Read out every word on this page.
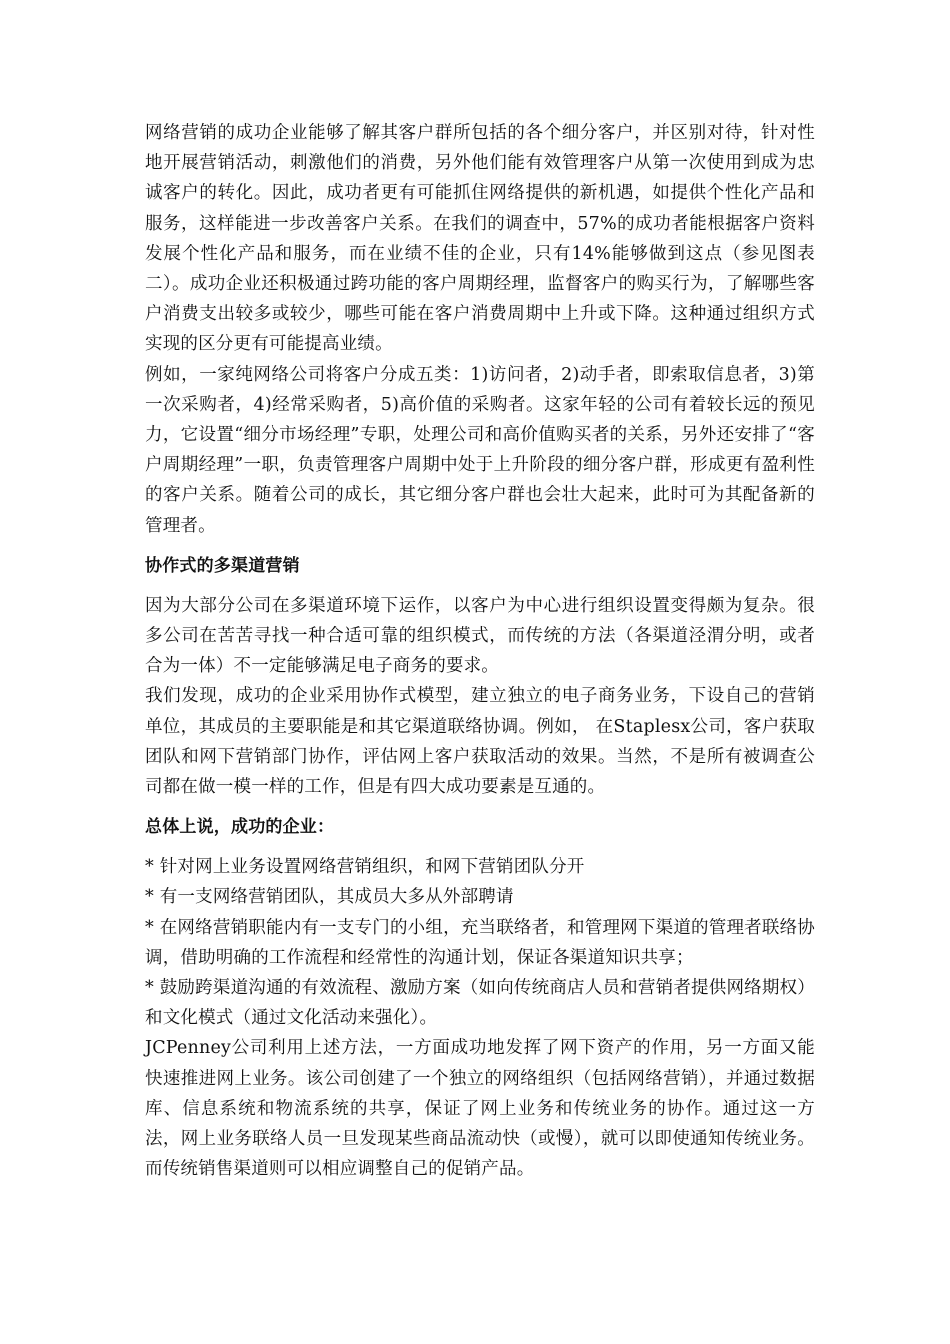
网络营销的成功企业能够了解其客户群所包括的各个细分客户，并区别对待，针对性地开展营销活动，刺激他们的消费，另外他们能有效管理客户从第一次使用到成为忠诚客户的转化。因此，成功者更有可能抓住网络提供的新机遇，如提供个性化产品和服务，这样能进一步改善客户关系。在我们的调查中，57%的成功者能根据客户资料发展个性化产品和服务，而在业绩不佳的企业，只有14%能够做到这点（参见图表二）。成功企业还积极通过跨功能的客户周期经理，监督客户的购买行为，了解哪些客户消费支出较多或较少，哪些可能在客户消费周期中上升或下降。这种通过组织方式实现的区分更有可能提高业绩。

例如，一家纯网络公司将客户分成五类：1)访问者，2)动手者，即索取信息者，3)第一次采购者，4)经常采购者，5)高价值的采购者。这家年轻的公司有着较长远的预见力，它设置“细分市场经理”专职，处理公司和高价值购买者的关系，另外还安排了“客户周期经理”一职，负责管理客户周期中处于上升阶段的细分客户群，形成更有盈利性的客户关系。随着公司的成长，其它细分客户群也会壮大起来，此时可为其配备新的管理者。

协作式的多渠道营销

因为大部分公司在多渠道环境下运作，以客户为中心进行组织设置变得颇为复杂。很多公司在苦苦寻找一种合适可靠的组织模式，而传统的方法（各渠道泾渭分明，或者合为一体）不一定能够满足电子商务的要求。

我们发现，成功的企业采用协作式模型，建立独立的电子商务业务，下设自己的营销单位，其成员的主要职能是和其它渠道联络协调。例如， 在Staplesx公司，客户获取团队和网下营销部门协作，评估网上客户获取活动的效果。当然，不是所有被调查公司都在做一模一样的工作，但是有四大成功要素是互通的。

总体上说，成功的企业：
* 针对网上业务设置网络营销组织，和网下营销团队分开
* 有一支网络营销团队，其成员大多从外部聘请
* 在网络营销职能内有一支专门的小组，充当联络者，和管理网下渠道的管理者联络协调，借助明确的工作流程和经常性的沟通计划，保证各渠道知识共享；
* 鼓励跨渠道沟通的有效流程、激励方案（如向传统商店人员和营销者提供网络期权）和文化模式（通过文化活动来强化）。

JCPenney公司利用上述方法，一方面成功地发挥了网下资产的作用，另一方面又能快速推进网上业务。该公司创建了一个独立的网络组织（包括网络营销），并通过数据库、信息系统和物流系统的共享，保证了网上业务和传统业务的协作。通过这一方法，网上业务联络人员一旦发现某些商品流动快（或慢），就可以即使通知传统业务。而传统销售渠道则可以相应调整自己的促销产品。
